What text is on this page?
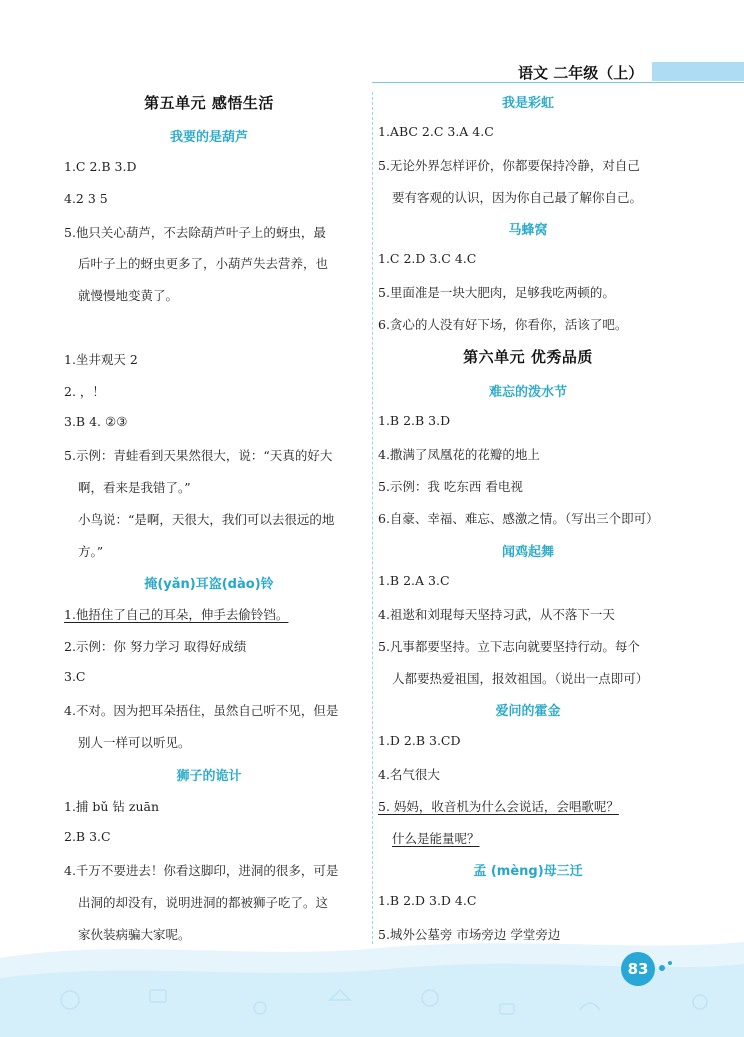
语文 二年级（上）
第五单元 感悟生活
我要的是葫芦
1.C 2.B 3.D
4.2 3 5
5.他只关心葫芦，不去除葫芦叶子上的蚜虫，最
后叶子上的蚜虫更多了，小葫芦失去营养，也
就慢慢地变黄了。
1.坐井观天 2
2. ，！
3.B 4. ②③
5.示例：青蛙看到天果然很大，说：“天真的好大
啊，看来是我错了。”
小鸟说：“是啊，天很大，我们可以去很远的地
方。”
掩(yǎn)耳盗(dào)铃
1.他捂住了自己的耳朵，伸手去偷铃铛。
2.示例：你 努力学习 取得好成绩
3.C
4.不对。因为把耳朵捂住，虽然自己听不见，但是
别人一样可以听见。
狮子的诡计
1.捕 bǔ 钻 zuān
2.B 3.C
4.千万不要进去！你看这脚印，进洞的很多，可是
出洞的却没有，说明进洞的都被狮子吃了。这
家伙装病骗大家呢。
我是彩虹
1.ABC 2.C 3.A 4.C
5.无论外界怎样评价，你都要保持冷静，对自己
要有客观的认识，因为你自己最了解你自己。
马蜂窝
1.C 2.D 3.C 4.C
5.里面准是一块大肥肉，足够我吃两顿的。
6.贪心的人没有好下场，你看你，活该了吧。
第六单元 优秀品质
难忘的泼水节
1.B 2.B 3.D
4.撒满了凤凰花的花瓣的地上
5.示例：我 吃东西 看电视
6.自豪、幸福、难忘、感激之情。（写出三个即可）
闻鸡起舞
1.B 2.A 3.C
4.祖逖和刘琨每天坚持习武，从不落下一天
5.凡事都要坚持。立下志向就要坚持行动。每个
人都要热爱祖国，报效祖国。（说出一点即可）
爱问的霍金
1.D 2.B 3.CD
4.名气很大
5. 妈妈，收音机为什么会说话，会唱歌呢？
什么是能量呢？
孟 (mèng)母三迁
1.B 2.D 3.D 4.C
5.城外公墓旁 市场旁边 学堂旁边
83
